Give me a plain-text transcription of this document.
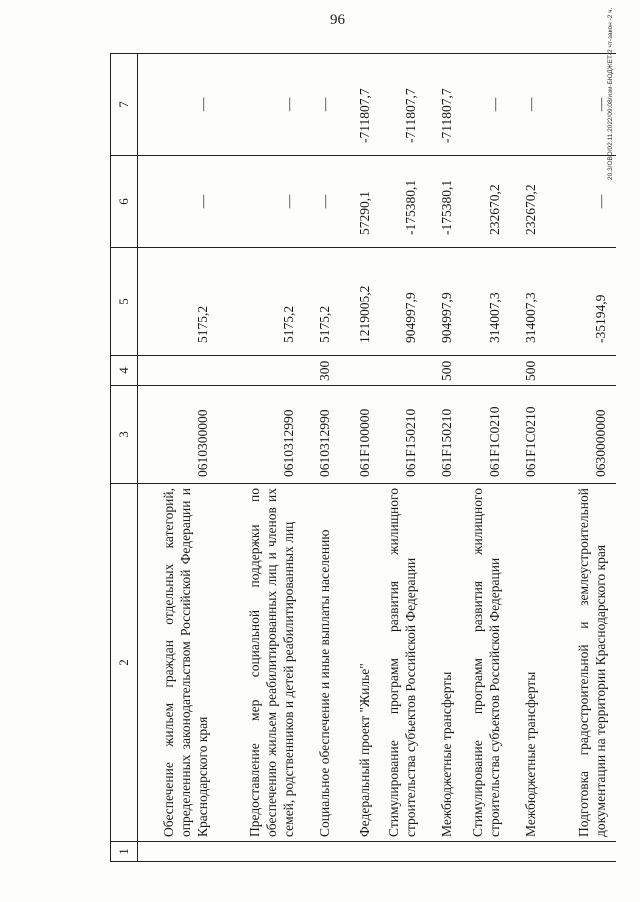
96	20.3/ОВО/02.11.2022/09:08/изм-БЮДЖЕТ-2 чт-закон -2 ч.
1	2	3	4	5	6	7
	Обеспечение жильем граждан отдельных категорий, определенных законодательством Российской Федерации и Краснодарского края	0610300000		5175,2	—	—
	Предоставление мер социальной поддержки по обеспечению жильем реабилитированных лиц и членов их семей, родственников и детей реабилитированных лиц	0610312990		5175,2	—	—
	Социальное обеспечение и иные выплаты населению	0610312990	300	5175,2	—	—
	Федеральный проект "Жилье"	061F100000		1219005,2	57290,1	-711807,7
	Стимулирование программ развития жилищного строительства субъектов Российской Федерации	061F150210		904997,9	-175380,1	-711807,7
	Межбюджетные трансферты	061F150210	500	904997,9	-175380,1	-711807,7
	Стимулирование программ развития жилищного строительства субъектов Российской Федерации	061F1С0210		314007,3	232670,2	—
	Межбюджетные трансферты	061F1С0210	500	314007,3	232670,2	—
	Подготовка градостроительной и землеустроительной документации на территории Краснодарского края	0630000000		-35194,9	—	—
